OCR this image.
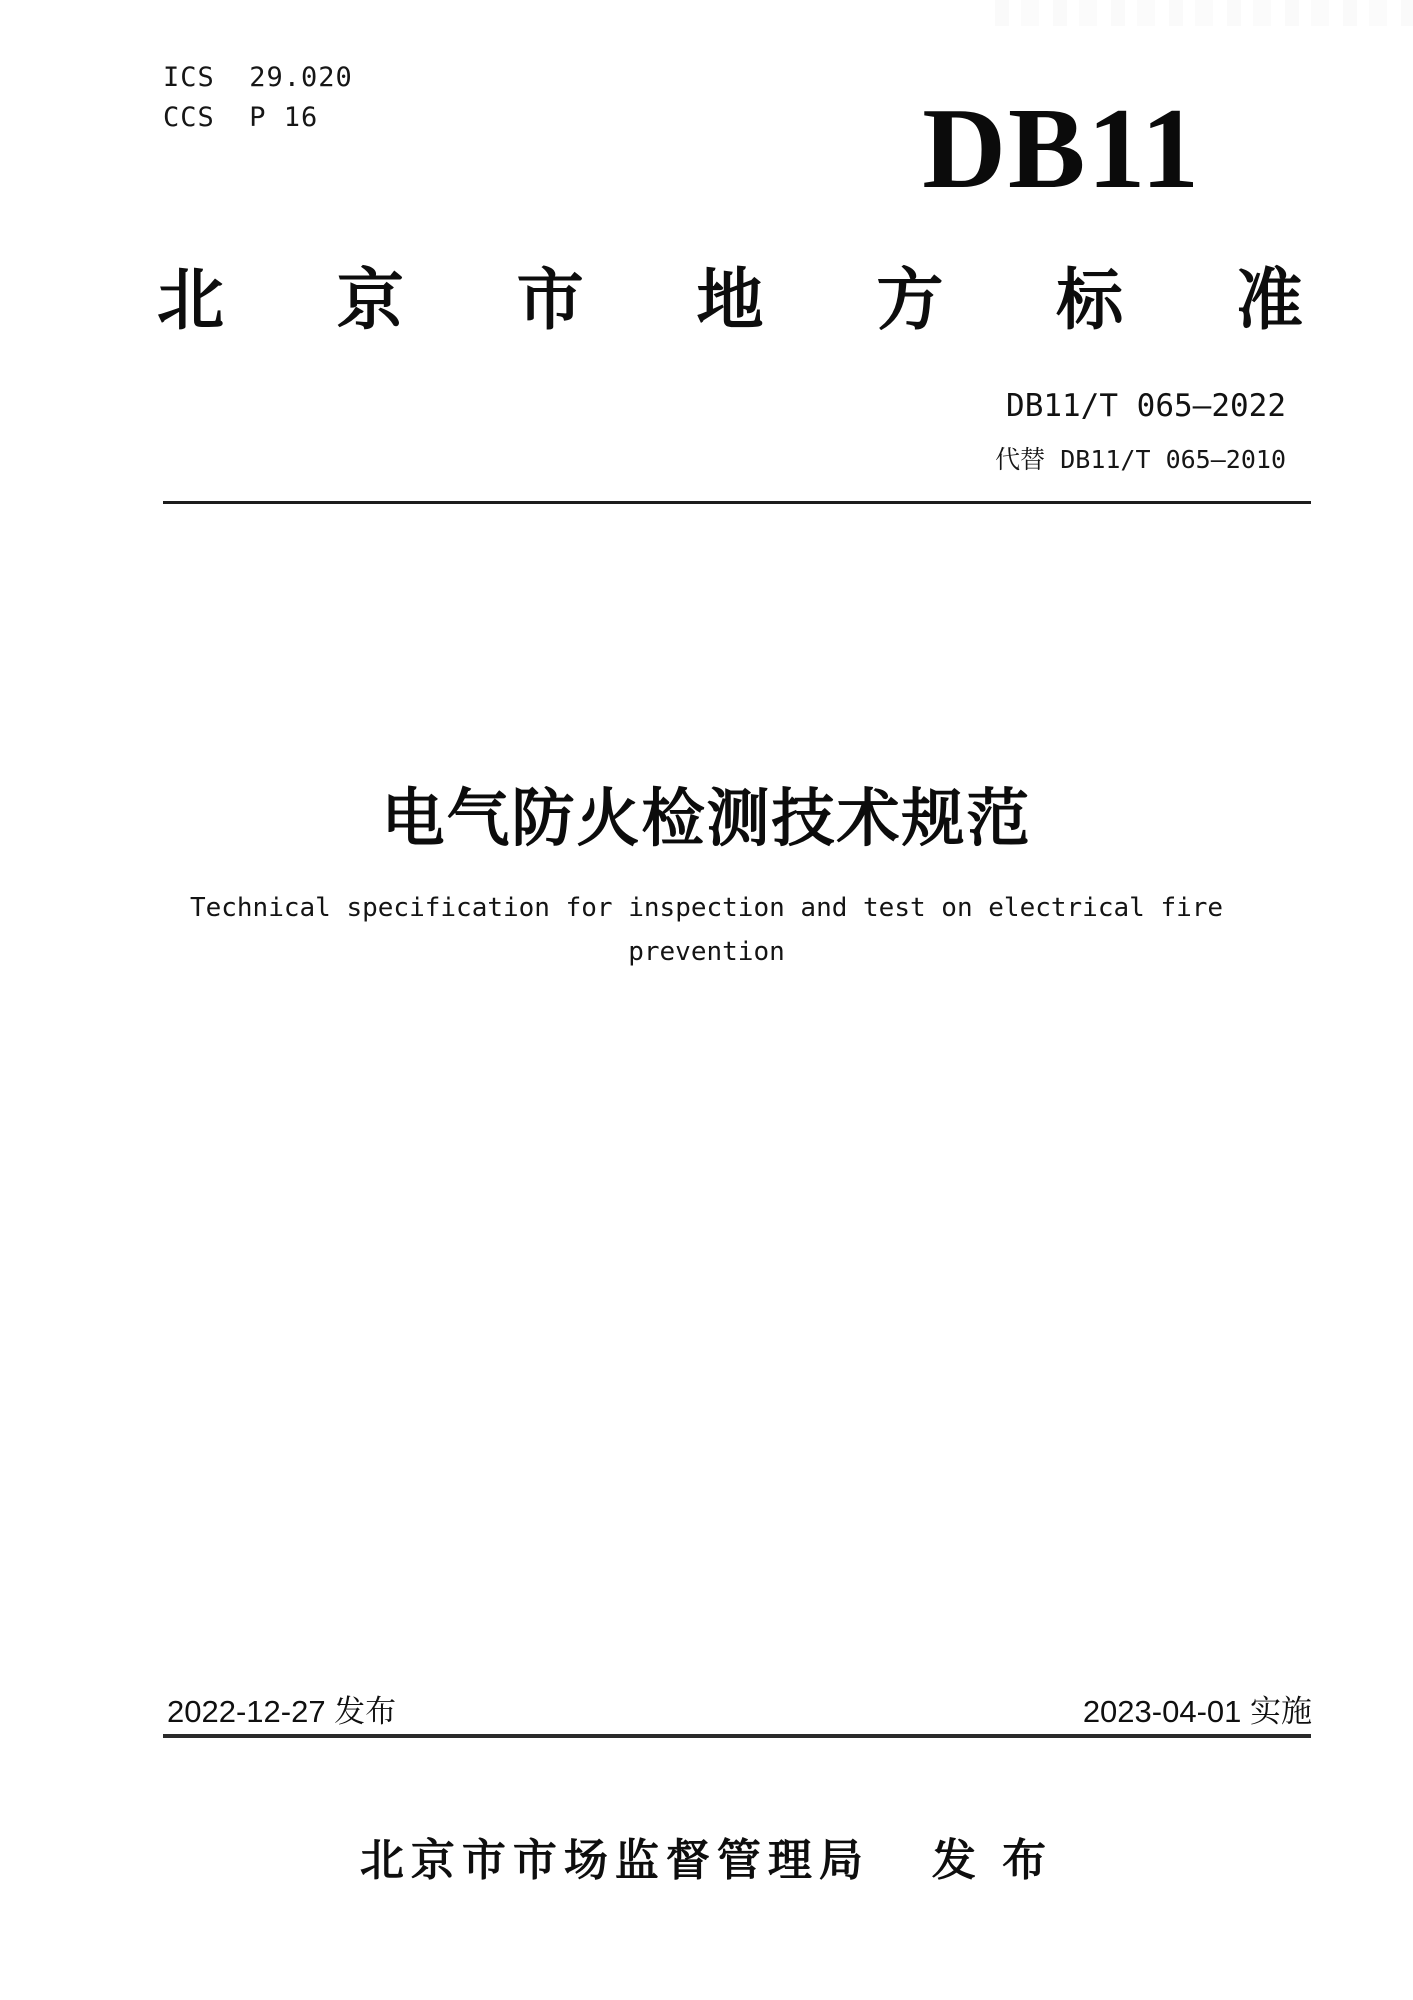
ICS  29.020
CCS  P 16	DB11
北 京 市 地 方 标 准
DB11/T 065—2022
代替 DB11/T 065—2010
电气防火检测技术规范
Technical specification for inspection and test on electrical fire
prevention
2022-12-27 发布	2023-04-01 实施
北京市市场监督管理局 发 布
